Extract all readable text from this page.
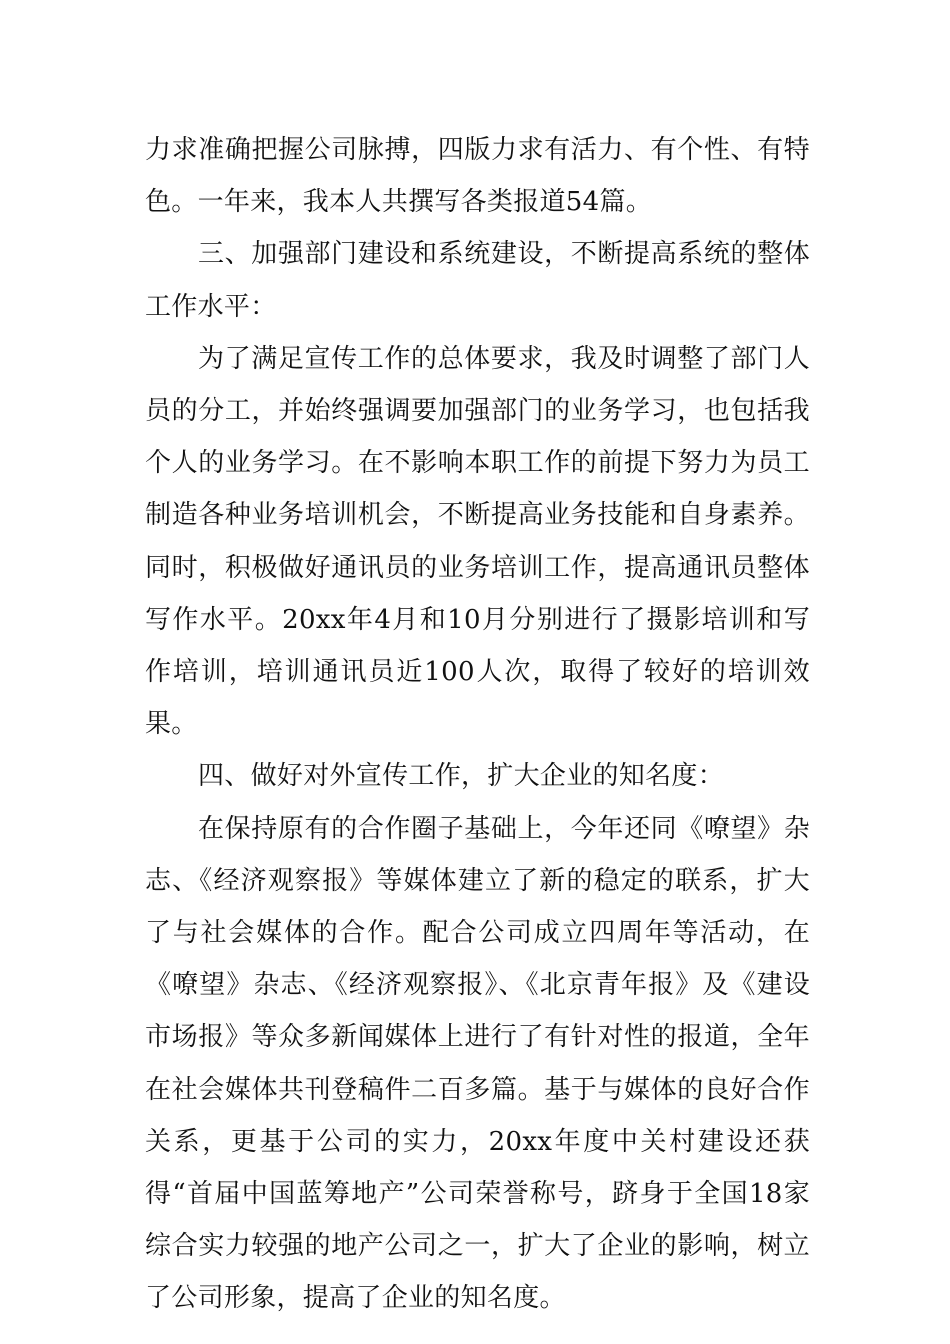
力求准确把握公司脉搏，四版力求有活力、有个性、有特色。一年来，我本人共撰写各类报道54篇。

三、加强部门建设和系统建设，不断提高系统的整体工作水平：

为了满足宣传工作的总体要求，我及时调整了部门人员的分工，并始终强调要加强部门的业务学习，也包括我个人的业务学习。在不影响本职工作的前提下努力为员工制造各种业务培训机会，不断提高业务技能和自身素养。同时，积极做好通讯员的业务培训工作，提高通讯员整体写作水平。20xx年4月和10月分别进行了摄影培训和写作培训，培训通讯员近100人次，取得了较好的培训效果。

四、做好对外宣传工作，扩大企业的知名度：

在保持原有的合作圈子基础上，今年还同《嘹望》杂志、《经济观察报》等媒体建立了新的稳定的联系，扩大了与社会媒体的合作。配合公司成立四周年等活动，在《嘹望》杂志、《经济观察报》、《北京青年报》及《建设市场报》等众多新闻媒体上进行了有针对性的报道，全年在社会媒体共刊登稿件二百多篇。基于与媒体的良好合作关系，更基于公司的实力，20xx年度中关村建设还获得“首届中国蓝筹地产”公司荣誉称号，跻身于全国18家综合实力较强的地产公司之一，扩大了企业的影响，树立了公司形象，提高了企业的知名度。
